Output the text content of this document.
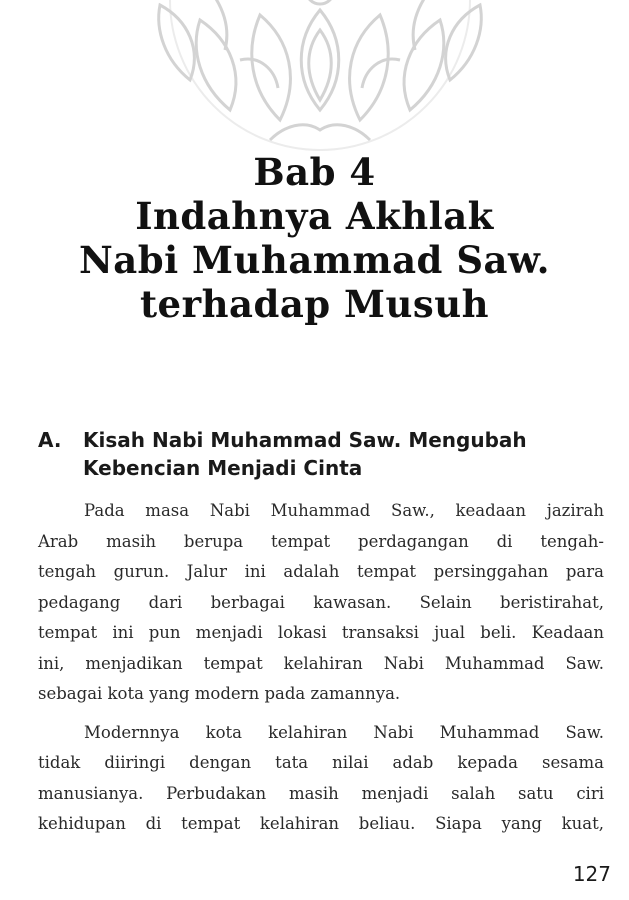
Bab 4
Indahnya Akhlak
Nabi Muhammad Saw.
terhadap Musuh
A. Kisah Nabi Muhammad Saw. Mengubah
Kebencian Menjadi Cinta
Pada masa Nabi Muhammad Saw., keadaan jazirah
Arab masih berupa tempat perdagangan di tengah-
tengah gurun. Jalur ini adalah tempat persinggahan para
pedagang dari berbagai kawasan. Selain beristirahat,
tempat ini pun menjadi lokasi transaksi jual beli. Keadaan
ini, menjadikan tempat kelahiran Nabi Muhammad Saw.
sebagai kota yang modern pada zamannya.
Modernnya kota kelahiran Nabi Muhammad Saw.
tidak diiringi dengan tata nilai adab kepada sesama
manusianya. Perbudakan masih menjadi salah satu ciri
kehidupan di tempat kelahiran beliau. Siapa yang kuat,
127
